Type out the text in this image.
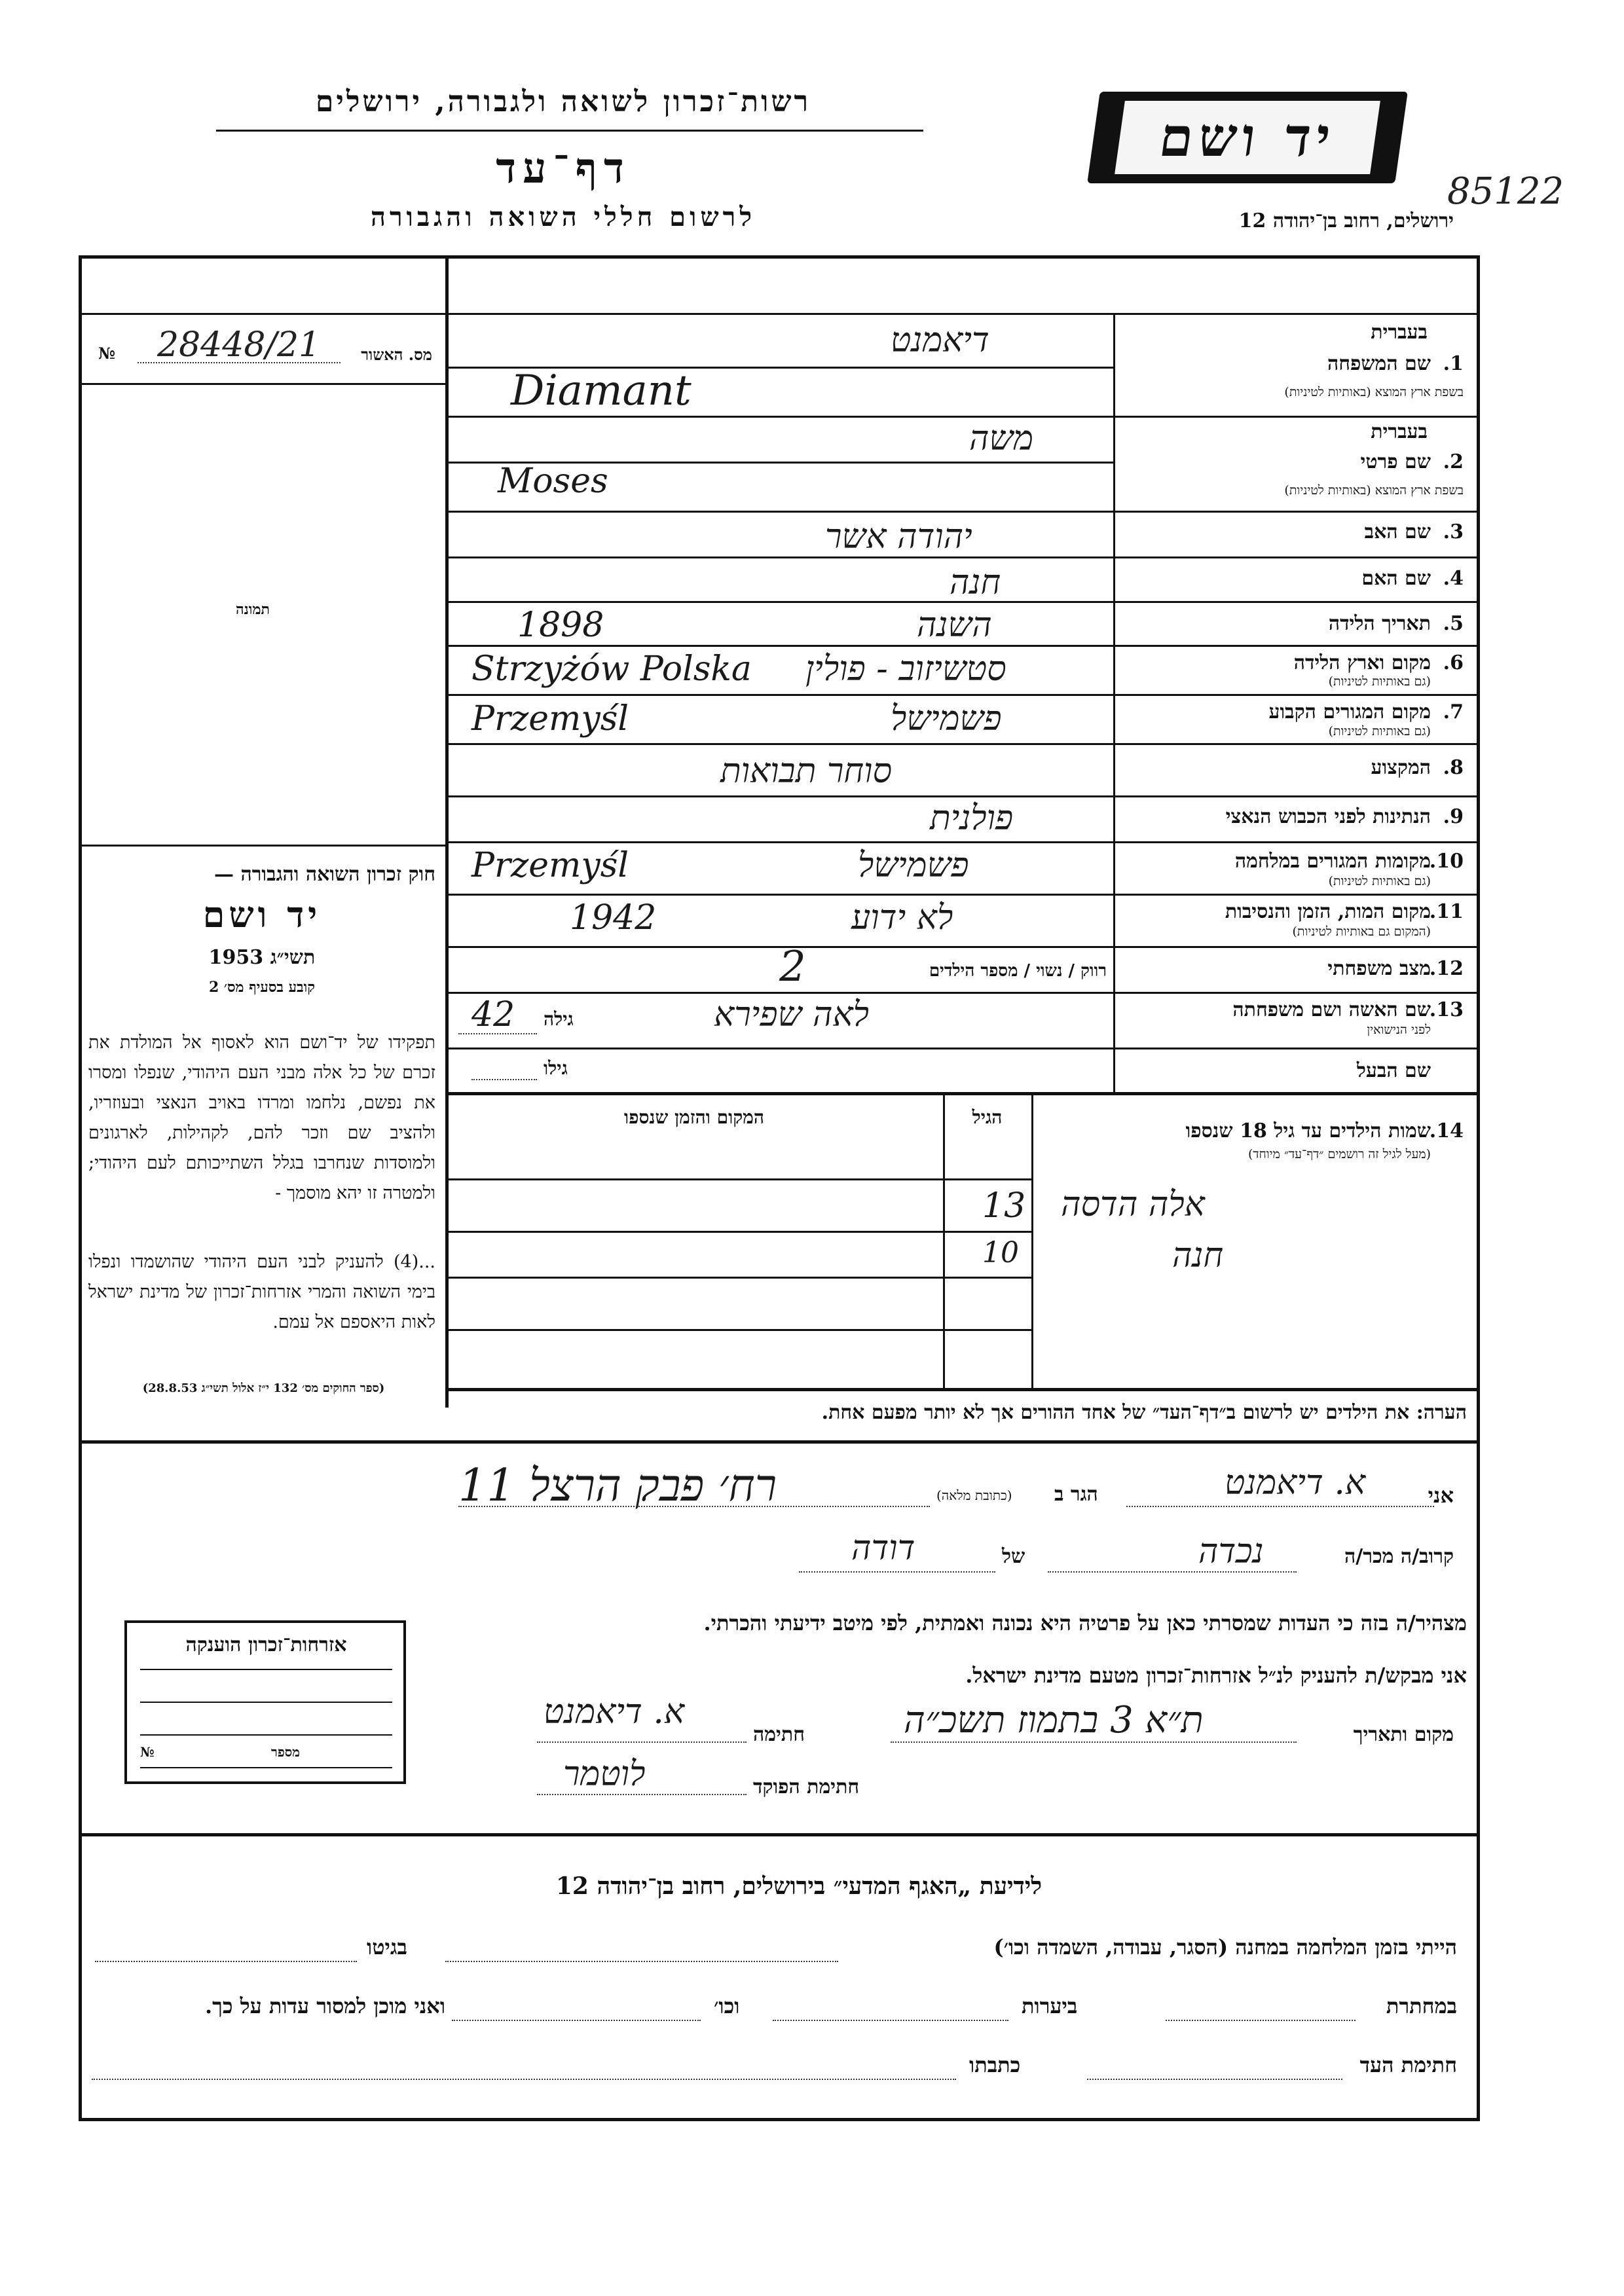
רשות־זכרון לשואה ולגבורה, ירושלים
דף־עד
לרשום חללי השואה והגבורה
יד ושם
ירושלים, רחוב בן־יהודה 12
85122
№ 28448/21	מס. האשור
תמונה
חוק זכרון השואה והגבורה —
יד ושם
תשי״ג 1953
קובע בסעיף מס׳ 2
תפקידו של יד־ושם הוא לאסוף אל המולדת את זכרם של כל אלה מבני העם היהודי, שנפלו ומסרו את נפשם, נלחמו ומרדו באויב הנאצי ובעוזריו, ולהציב שם וזכר להם, לקהילות, לארגונים ולמוסדות שנחרבו בגלל השתייכותם לעם היהודי; ולמטרה זו יהא מוסמך -
...(4) להעניק לבני העם היהודי שהושמדו ונפלו בימי השואה והמרי אזרחות־זכרון של מדינת ישראל לאות היאספם אל עמם.
(ספר החוקים מס׳ 132 י״ז אלול תשי״ג 28.8.53)
בעברית
1.
שם המשפחה
בשפת ארץ המוצא (באותיות לטיניות)
דיאמנט
Diamant
בעברית
2.
שם פרטי
בשפת ארץ המוצא (באותיות לטיניות)
משה
Moses
3.
שם האב
יהודה אשר
4.
שם האם
חנה
5.
תאריך הלידה
1898	השנה
6.
מקום וארץ הלידה
(גם באותיות לטיניות)
Strzyżów Polska סטשיזוב - פולין
7.
מקום המגורים הקבוע
(גם באותיות לטיניות)
Przemyśl	פשמישל
8.
המקצוע
סוחר תבואות
9.
הנתינות לפני הכבוש הנאצי
פולנית
10.
מקומות המגורים במלחמה
(גם באותיות לטיניות)
Przemyśl	פשמישל
11.
מקום המות, הזמן והנסיבות
(המקום גם באותיות לטיניות)
1942	לא ידוע
12.
מצב משפחתי
רווק / נשוי / מספר הילדים
2
13.
שם האשה ושם משפחתה
לפני הנישואין
לאה שפירא
גילה
42
שם הבעל
גילו
14.
שמות הילדים עד גיל 18 שנספו
(מעל לגיל זה רושמים ״דף־עד״ מיוחד)
הגיל
המקום והזמן שנספו
אלה הדסה
13
חנה
10
הערה: את הילדים יש לרשום ב״דף־העד״ של אחד ההורים אך לא יותר מפעם אחת.
אני
א. דיאמנט
הגר ב
(כתובת מלאה)
רח׳ פבק הרצל 11
קרוב/ה מכר/ה
נכדה
של
דודה
מצהיר/ה בזה כי העדות שמסרתי כאן על פרטיה היא נכונה ואמתית, לפי מיטב ידיעתי והכרתי.
אני מבקש/ת להעניק לנ״ל אזרחות־זכרון מטעם מדינת ישראל.
מקום ותאריך
ת״א 3 בתמוז תשכ״ה
חתימה
א. דיאמנט
חתימת הפוקד
לוטמר
אזרחות־זכרון הוענקה
№	מספר
לידיעת „האגף המדעי״ בירושלים, רחוב בן־יהודה 12
הייתי בזמן המלחמה במחנה (הסגר, עבודה, השמדה וכו׳)
בגיטו
במחתרת
ביערות
וכו׳
ואני מוכן למסור עדות על כך.
חתימת העד
כתבתו
